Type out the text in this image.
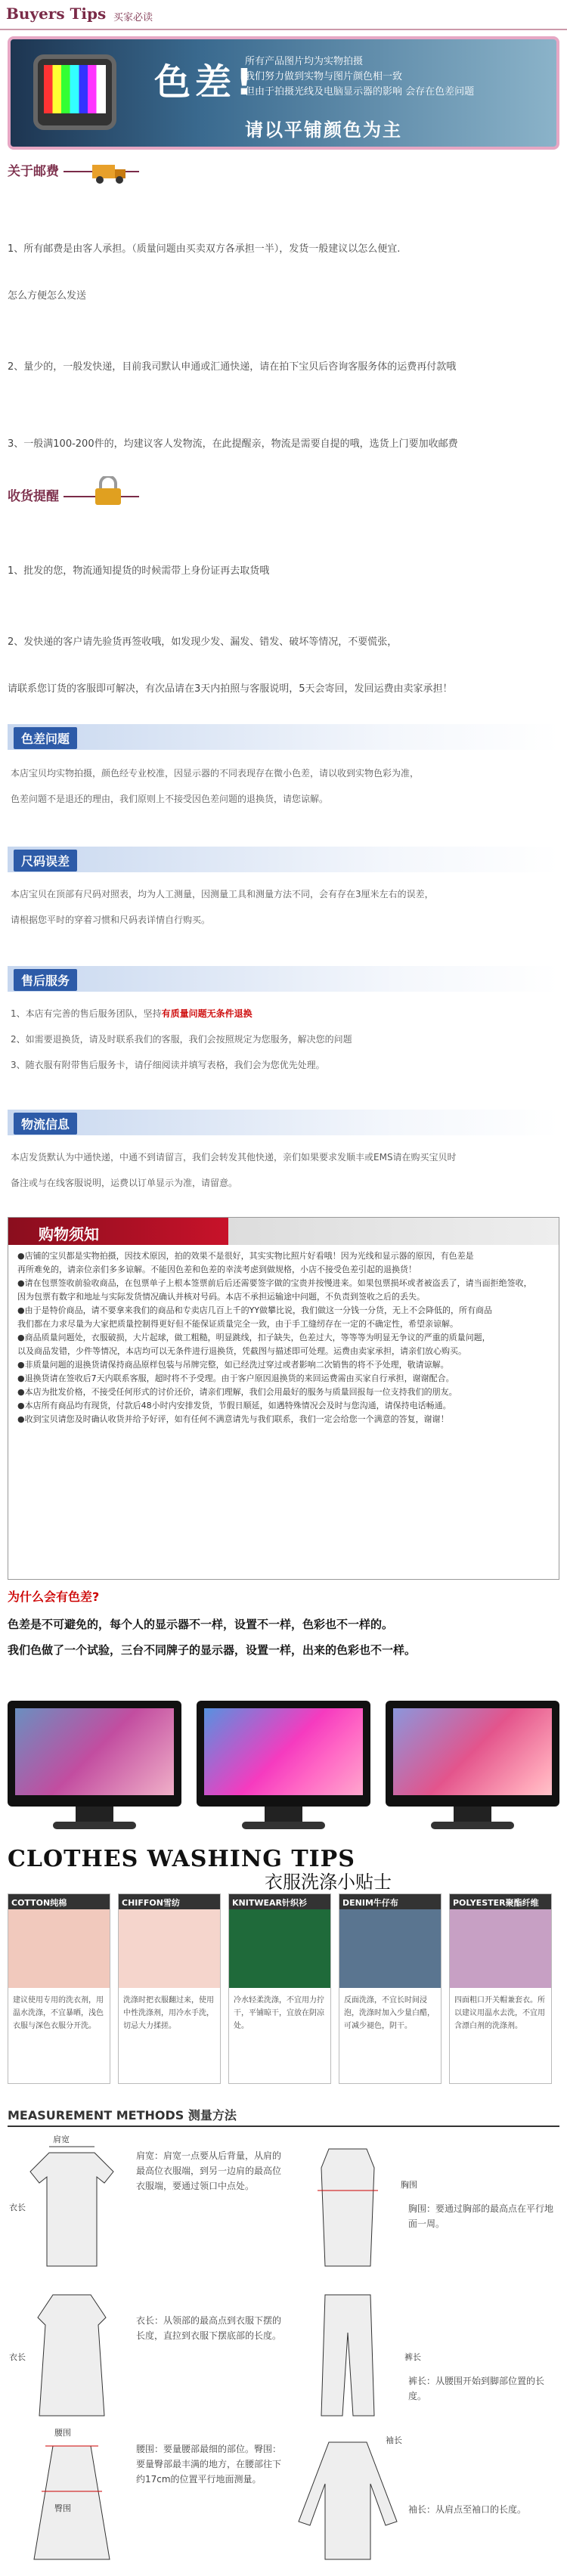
Buyers Tips 买家必读
色差!
所有产品图片均为实物拍摄
我们努力做到实物与图片颜色相一致
但由于拍摄光线及电脑显示器的影响 会存在色差问题
请以平铺颜色为主
关于邮费

1、所有邮费是由客人承担。（质量问题由买卖双方各承担一半），发货一般建议以怎么便宜.

怎么方便怎么发送

2、量少的，一般发快递，目前我司默认申通或汇通快递，请在拍下宝贝后咨询客服务体的运费再付款哦

3、一般满100-200件的，均建议客人发物流，在此提醒亲，物流是需要自提的哦，选货上门要加收邮费

收货提醒

1、批发的您，物流通知提货的时候需带上身份证再去取货哦

2、发快递的客户请先验货再签收哦，如发现少发、漏发、错发、破坏等情况，不要慌张，

请联系您订货的客服即可解决，有次品请在3天内拍照与客服说明，5天会寄回，发回运费由卖家承担！

色差问题

本店宝贝均实物拍摄，颜色经专业校准，因显示器的不同表现存在微小色差，请以收到实物色彩为准，

色差问题不是退还的理由，我们原则上不接受因色差问题的退换货，请您谅解。

尺码误差

本店宝贝在顶部有尺码对照表，均为人工测量，因测量工具和测量方法不同，会有存在3厘米左右的误差，

请根据您平时的穿着习惯和尺码表详情自行购买。

售后服务

1、本店有完善的售后服务团队，坚持有质量问题无条件退换

2、如需要退换货，请及时联系我们的客服，我们会按照规定为您服务，解决您的问题

3、随衣服有附带售后服务卡，请仔细阅读并填写表格，我们会为您优先处理。

物流信息

本店发货默认为中通快递，中通不到请留言，我们会转发其他快递，亲们如果要求发顺丰或EMS请在购买宝贝时

备注或与在线客服说明，运费以订单显示为准，请留意。

购物须知
●店铺的宝贝都是实物拍摄，因技术原因，拍的效果不是很好，其实实物比照片好看哦！因为光线和显示器的原因，有色差是
再所难免的，请亲位亲们多多谅解。不能因色差和色差的幸渎考虑到做规格，小店不接受色差引起的退换货！
●请在包票签收前验收商品，在包票单子上根本签票前后后还需要签字做的宝贵并按慢进来。如果包票损坏或者被盗丢了，请当面拒绝签收，
因为包票有数字和地址与实际发货情况确认并核对号码。本店不承担运输途中问题，不负责到签收之后的丢失。
●由于是特价商品，请不要拿来我们的商品和专卖店几百上千的YY做攀比说，我们做这一分钱一分货，无上不会降低的，所有商品
我们都在力求尽量为大家把质量控制得更好但不能保证质量完全一致，由于手工缝纫存在一定的不确定性，希望亲谅解。
●商品质量问题处，衣服破损，大片起球，做工粗糙，明显跳线，扣子缺失，色差过大，等等等为明显无争议的严重的质量问题，
以及商品发错，少件等情况，本店均可以无条件进行退换货，凭截图与描述即可处理。运费由卖家承担，请亲们放心购买。
●非质量问题的退换货请保持商品原样包装与吊牌完整，如已经洗过穿过或者影响二次销售的将不予处理，敬请谅解。
●退换货请在签收后7天内联系客服，超时将不予受理。由于客户原因退换货的来回运费需由买家自行承担，谢谢配合。
●本店为批发价格，不接受任何形式的讨价还价，请亲们理解，我们会用最好的服务与质量回报每一位支持我们的朋友。
●本店所有商品均有现货，付款后48小时内安排发货，节假日顺延，如遇特殊情况会及时与您沟通，请保持电话畅通。
●收到宝贝请您及时确认收货并给予好评，如有任何不满意请先与我们联系，我们一定会给您一个满意的答复，谢谢！
为什么会有色差?
色差是不可避免的，每个人的显示器不一样，设置不一样，色彩也不一样的。
我们色做了一个试验，三台不同牌子的显示器，设置一样，出来的色彩也不一样。
CLOTHES WASHING TIPS
衣服洗涤小贴士
COTTON纯棉
建议使用专用的洗衣剂，用温水洗涤，不宜暴晒，浅色衣服与深色衣服分开洗。
CHIFFON雪纺
洗涤时把衣服翻过来，使用中性洗涤剂，用冷水手洗，切忌大力揉搓。
KNITWEAR针织衫
冷水轻柔洗涤，不宜用力拧干，平铺晾干，宜放在阴凉处。
DENIM牛仔布
反面洗涤，不宜长时间浸泡，洗涤时加入少量白醋，可减少褪色，阴干。
POLYESTER聚酯纤维
四面粗口开关帽兼套衣。所以建议用温水去洗，不宜用含漂白剂的洗涤剂。
MEASUREMENT METHODS 测量方法
肩宽
衣长
肩宽：肩宽一点要从后背量，从肩的最高位衣服端，到另一边肩的最高位衣服端，要通过领口中点处。	胸围
胸围：要通过胸部的最高点在平行地面一周。
衣长
衣长：从领部的最高点到衣服下摆的长度，直拉到衣服下摆底部的长度。
裤长
裤长：从腰围开始到脚部位置的长度。
腰围
臀围
腰围：要量腰部最细的部位。臀围：要量臀部最丰满的地方，在腰部往下约17cm的位置平行地面测量。
袖长
袖长：从肩点至袖口的长度。
